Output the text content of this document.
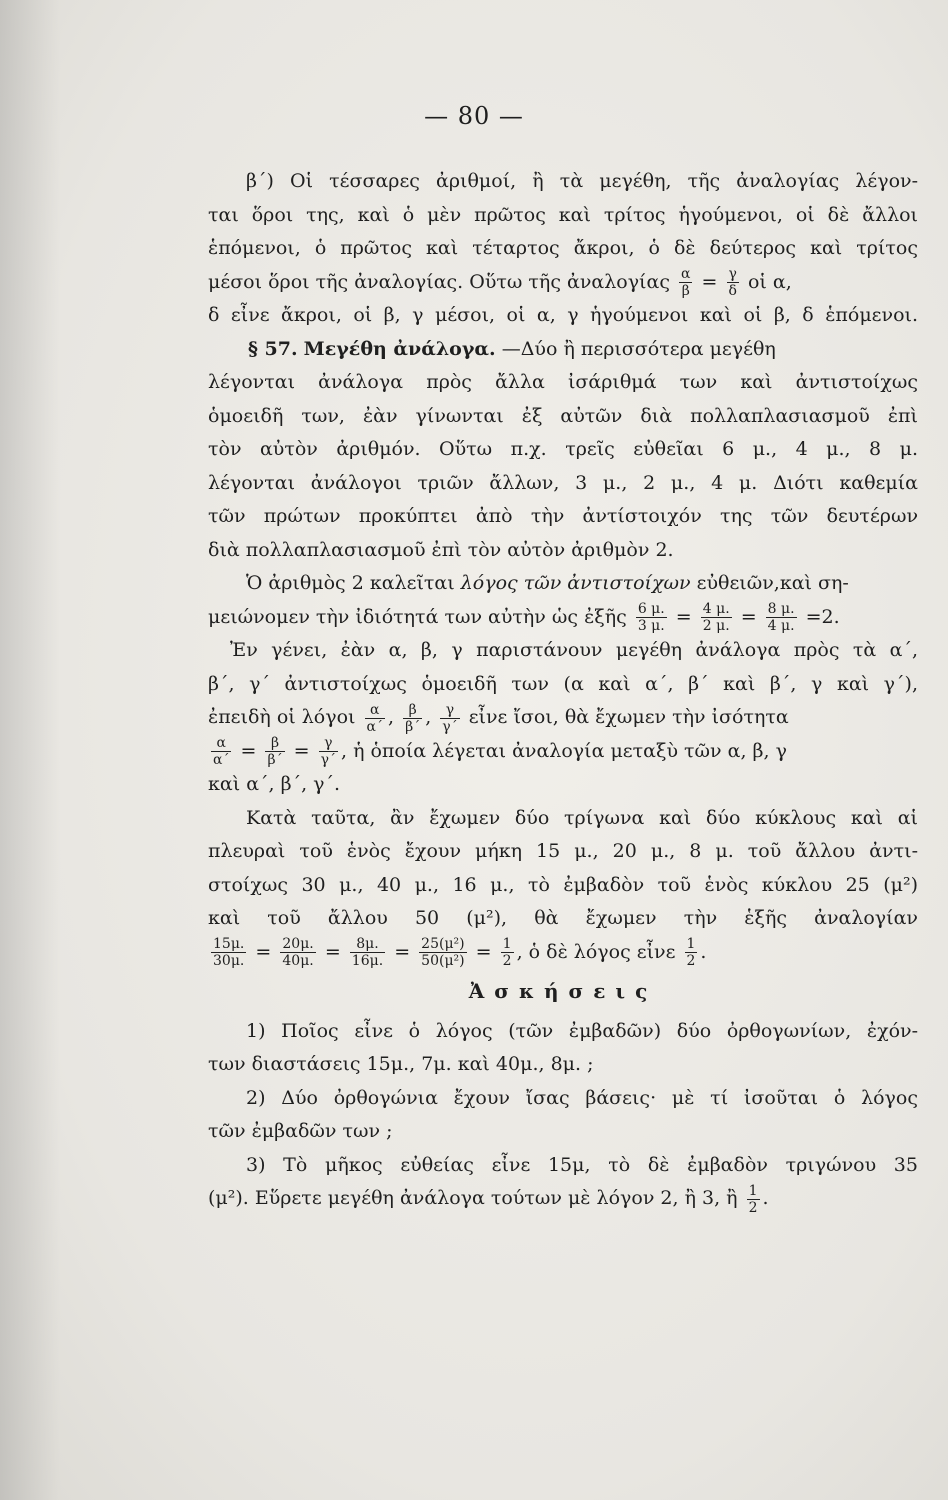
— 80 —
β΄) Οἱ τέσσαρες ἀριθμοί, ἢ τὰ μεγέθη, τῆς ἀναλογίας λέγον-
ται ὅροι της, καὶ ὁ μὲν πρῶτος καὶ τρίτος ἡγούμενοι, οἱ δὲ ἄλλοι
ἑπόμενοι, ὁ πρῶτος καὶ τέταρτος ἄκροι, ὁ δὲ δεύτερος καὶ τρίτος
μέσοι ὅροι τῆς ἀναλογίας. Οὕτω τῆς ἀναλογίας $\frac{\alpha}{\beta} = \frac{\gamma}{\delta}$ οἱ α,
δ εἶνε ἄκροι, οἱ β, γ μέσοι, οἱ α, γ ἡγούμενοι καὶ οἱ β, δ ἑπόμενοι.
§ 57. Μεγέθη ἀνάλογα. —Δύο ἢ περισσότερα μεγέθη
λέγονται ἀνάλογα πρὸς ἄλλα ἰσάριθμά των καὶ ἀντιστοίχως
ὁμοειδῆ των, ἐὰν γίνωνται ἐξ αὐτῶν διὰ πολλαπλασιασμοῦ ἐπὶ
τὸν αὐτὸν ἀριθμόν. Οὕτω π.χ. τρεῖς εὐθεῖαι 6 μ., 4 μ., 8 μ.
λέγονται ἀνάλογοι τριῶν ἄλλων, 3 μ., 2 μ., 4 μ. Διότι καθεμία
τῶν πρώτων προκύπτει ἀπὸ τὴν ἀντίστοιχόν της τῶν δευτέρων
διὰ πολλαπλασιασμοῦ ἐπὶ τὸν αὐτὸν ἀριθμὸν 2.
Ὁ ἀριθμὸς 2 καλεῖται λόγος τῶν ἀντιστοίχων εὐθειῶν,καὶ ση-
μειώνομεν τὴν ἰδιότητά των αὐτὴν ὡς ἐξῆς $\frac{6 \mu.}{3 \mu.} = \frac{4 \mu.}{2 \mu.} = \frac{8 \mu.}{4 \mu.} =2$.
Ἐν γένει, ἐὰν α, β, γ παριστάνουν μεγέθη ἀνάλογα πρὸς τὰ α΄,
β΄, γ΄ ἀντιστοίχως ὁμοειδῆ των (α καὶ α΄, β΄ καὶ β΄, γ καὶ γ΄),
ἐπειδὴ οἱ λόγοι $\frac{\alpha}{\alpha΄}$ , $\frac{\beta}{\beta΄}$ , $\frac{\gamma}{\gamma΄}$ εἶνε ἴσοι, θὰ ἔχωμεν τὴν ἰσότητα
$\frac{\alpha}{\alpha΄} = \frac{\beta}{\beta΄} = \frac{\gamma}{\gamma΄}$ , ἡ ὁποία λέγεται ἀναλογία μεταξὺ τῶν α, β, γ
καὶ α΄, β΄, γ΄.
Κατὰ ταῦτα, ἂν ἔχωμεν δύο τρίγωνα καὶ δύο κύκλους καὶ αἱ
πλευραὶ τοῦ ἑνὸς ἔχουν μήκη 15 μ., 20 μ., 8 μ. τοῦ ἄλλου ἀντι-
στοίχως 30 μ., 40 μ., 16 μ., τὸ ἐμβαδὸν τοῦ ἑνὸς κύκλου 25 (μ²)
καὶ τοῦ ἄλλου 50 (μ²), θὰ ἔχωμεν τὴν ἑξῆς ἀναλογίαν
$\frac{15\mu.}{30\mu.} = \frac{20\mu.}{40\mu.} = \frac{8\mu.}{16\mu.} = \frac{\text{25(μ²)}}{\text{50(μ²)}} = \frac{1}{2}$ , ὁ δὲ λόγος εἶνε $\frac{1}{2}$ .
Ἀσκήσεις
1) Ποῖος εἶνε ὁ λόγος (τῶν ἐμβαδῶν) δύο ὀρθογωνίων, ἐχόν-
των διαστάσεις 15μ., 7μ. καὶ 40μ., 8μ. ;
2) Δύο ὀρθογώνια ἔχουν ἴσας βάσεις· μὲ τί ἰσοῦται ὁ λόγος
τῶν ἐμβαδῶν των ;
3) Τὸ μῆκος εὐθείας εἶνε 15μ, τὸ δὲ ἐμβαδὸν τριγώνου 35
(μ²). Εὕρετε μεγέθη ἀνάλογα τούτων μὲ λόγον 2, ἢ 3, ἢ $\frac{1}{2}$ .
